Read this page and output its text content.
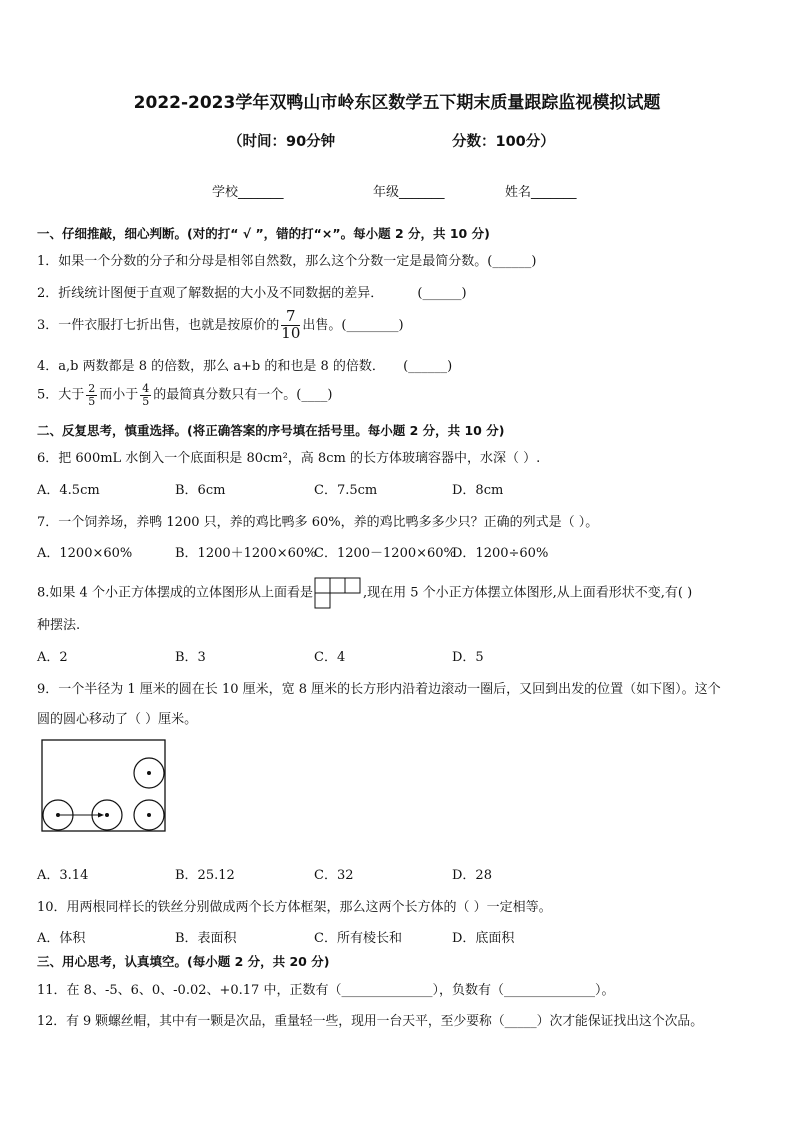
2022-2023学年双鸭山市岭东区数学五下期末质量跟踪监视模拟试题
（时间：90分钟	分数：100分）
学校_______	年级_______	姓名_______
一、仔细推敲，细心判断。(对的打“ √ ”，错的打“×”。每小题 2 分，共 10 分)
1．如果一个分数的分子和分母是相邻自然数，那么这个分数一定是最简分数。(______)
2．折线统计图便于直观了解数据的大小及不同数据的差异．	(______)
3．一件衣服打七折出售，也就是按原价的 $\frac{7}{10}$ 出售。(________)
4．a,b 两数都是 8 的倍数，那么 a+b 的和也是 8 的倍数． (______)
5．大于 $\frac{2}{5}$ 而小于 $\frac{4}{5}$ 的最简真分数只有一个。(____)
二、反复思考，慎重选择。(将正确答案的序号填在括号里。每小题 2 分，共 10 分)
6．把 600mL 水倒入一个底面积是 80cm²，高 8cm 的长方体玻璃容器中，水深（ ）.
A．4.5cm	B．6cm	C．7.5cm	D．8cm
7．一个饲养场，养鸭 1200 只，养的鸡比鸭多 60%，养的鸡比鸭多多少只？正确的列式是（ ）。
A．1200×60%	B．1200＋1200×60%
C．1200－1200×60%
D．1200÷60%
8.如果 4 个小正方体摆成的立体图形从上面看是	,现在用 5 个小正方体摆立体图形,从上面看形状不变,有( )
种摆法.
A．2	B．3	C．4	D．5
9．一个半径为 1 厘米的圆在长 10 厘米，宽 8 厘米的长方形内沿着边滚动一圈后，又回到出发的位置（如下图）。这个
圆的圆心移动了（ ）厘米。
A．3.14	B．25.12	C．32	D．28
10．用两根同样长的铁丝分别做成两个长方体框架，那么这两个长方体的（ ）一定相等。
A．体积	B．表面积	C．所有棱长和	D．底面积
三、用心思考，认真填空。(每小题 2 分，共 20 分)
11．在 8、-5、6、0、-0.02、+0.17 中，正数有（______________），负数有（______________）。
12．有 9 颗螺丝帽，其中有一颗是次品，重量轻一些，现用一台天平，至少要称（_____）次才能保证找出这个次品。
